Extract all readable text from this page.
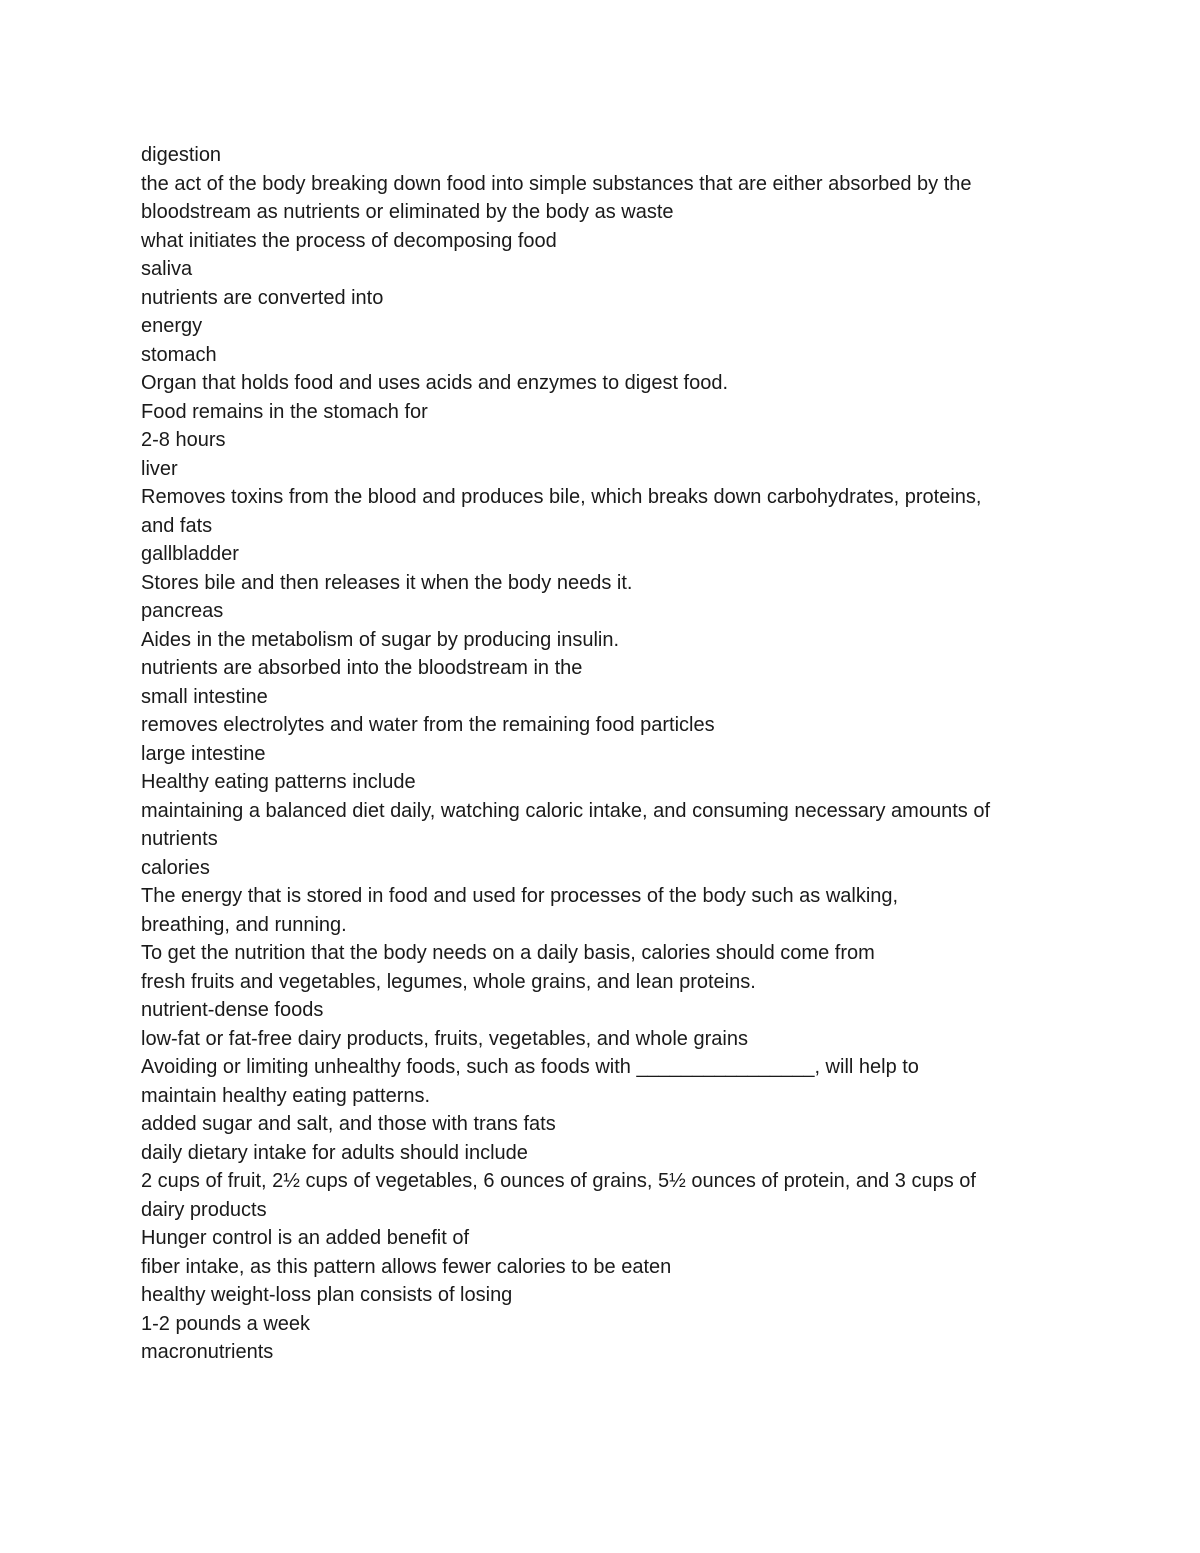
digestion
the act of the body breaking down food into simple substances that are either absorbed by the
bloodstream as nutrients or eliminated by the body as waste
what initiates the process of decomposing food
saliva
nutrients are converted into
energy
stomach
Organ that holds food and uses acids and enzymes to digest food.
Food remains in the stomach for
2-8 hours
liver
Removes toxins from the blood and produces bile, which breaks down carbohydrates, proteins,
and fats
gallbladder
Stores bile and then releases it when the body needs it.
pancreas
Aides in the metabolism of sugar by producing insulin.
nutrients are absorbed into the bloodstream in the
small intestine
removes electrolytes and water from the remaining food particles
large intestine
Healthy eating patterns include
maintaining a balanced diet daily, watching caloric intake, and consuming necessary amounts of
nutrients
calories
The energy that is stored in food and used for processes of the body such as walking,
breathing, and running.
To get the nutrition that the body needs on a daily basis, calories should come from
fresh fruits and vegetables, legumes, whole grains, and lean proteins.
nutrient-dense foods
low-fat or fat-free dairy products, fruits, vegetables, and whole grains
Avoiding or limiting unhealthy foods, such as foods with ________________, will help to
maintain healthy eating patterns.
added sugar and salt, and those with trans fats
daily dietary intake for adults should include
2 cups of fruit, 2½ cups of vegetables, 6 ounces of grains, 5½ ounces of protein, and 3 cups of
dairy products
Hunger control is an added benefit of
fiber intake, as this pattern allows fewer calories to be eaten
healthy weight-loss plan consists of losing
1-2 pounds a week
macronutrients
